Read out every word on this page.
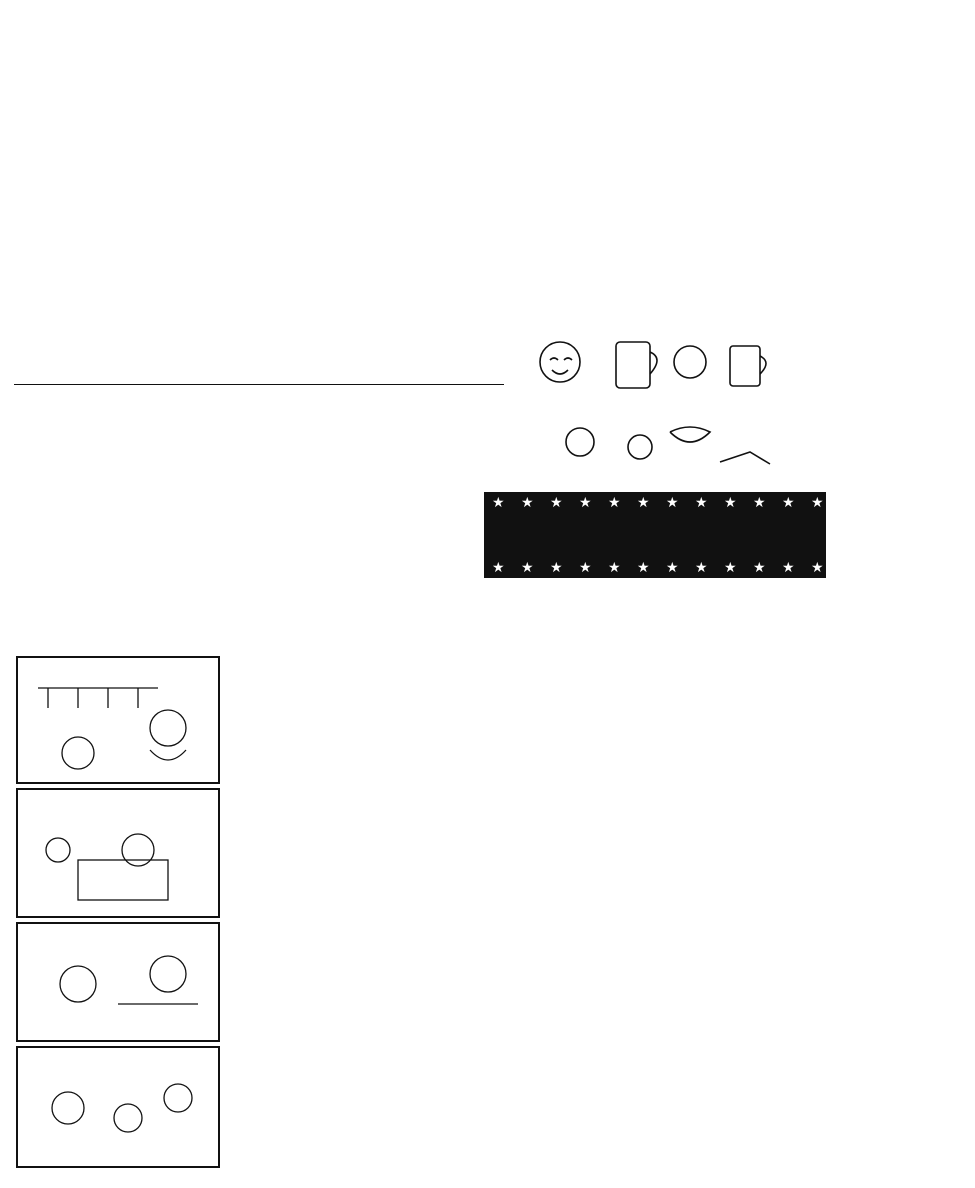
★ ★ ★ ★ ★ ★ ★ ★ ★ ★ ★ ★ ★ ★ ★ ★ ★
★ ★ ★ ★ ★ ★ ★ ★ ★ ★ ★ ★
